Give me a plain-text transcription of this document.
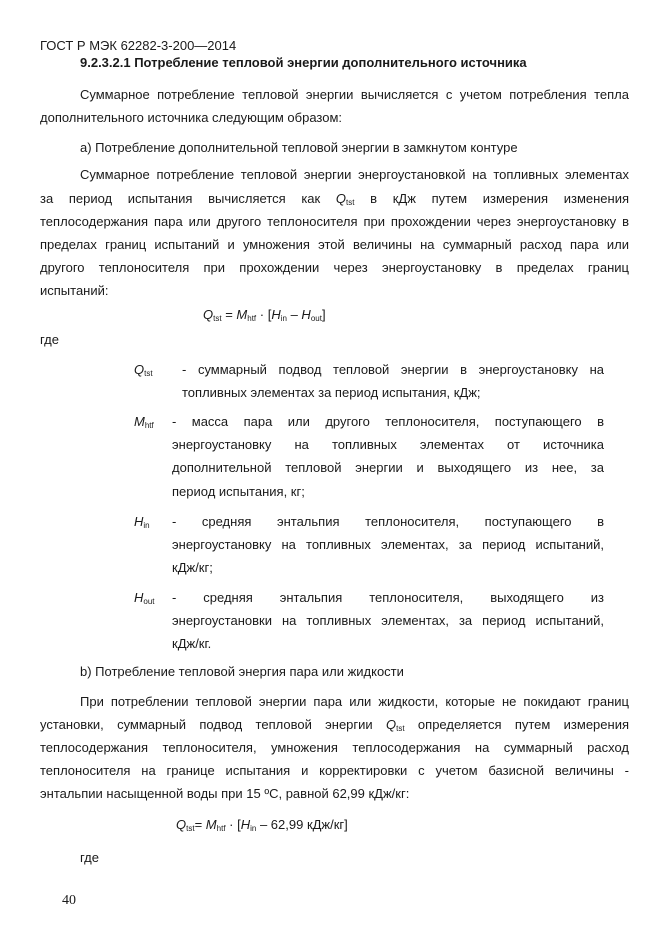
ГОСТ Р МЭК 62282-3-200—2014
9.2.3.2.1 Потребление тепловой энергии дополнительного источника
Суммарное потребление тепловой энергии вычисляется с учетом потребления тепла
дополнительного источника следующим образом:
а) Потребление дополнительной тепловой энергии в замкнутом контуре
Суммарное потребление тепловой энергии энергоустановкой на топливных элементах
за период испытания вычисляется как $Q_{tst}$ в кДж путем измерения изменения
теплосодержания пара или другого теплоносителя при прохождении через энергоустановку в
пределах границ испытаний и умножения этой величины на суммарный расход пара или
другого теплоносителя при прохождении через энергоустановку в пределах границ
испытаний:
$Q_{tst} = M_{htf} \cdot [H_{in} - H_{out}]$
где
$Q_{tst}$ - суммарный подвод тепловой энергии в энергоустановку на
топливных элементах за период испытания, кДж;
$M_{htf}$ - масса пара или другого теплоносителя, поступающего в
энергоустановку на топливных элементах от источника
дополнительной тепловой энергии и выходящего из нее, за
период испытания, кг;
$H_{in}$ - средняя энтальпия теплоносителя, поступающего в
энергоустановку на топливных элементах, за период испытаний,
кДж/кг;
$H_{out}$ - средняя энтальпия теплоносителя, выходящего из
энергоустановки на топливных элементах, за период испытаний,
кДж/кг.
b) Потребление тепловой энергия пара или жидкости
При потреблении тепловой энергии пара или жидкости, которые не покидают границ
установки, суммарный подвод тепловой энергии $Q_{tst}$ определяется путем измерения
теплосодержания теплоносителя, умножения теплосодержания на суммарный расход
теплоносителя на границе испытания и корректировки с учетом базисной величины -
энтальпии насыщенной воды при 15 ºС, равной 62,99 кДж/кг:
$Q_{tst}= M_{htf} \cdot [H_{in} - 62,99$ кДж/кг]
где
40
